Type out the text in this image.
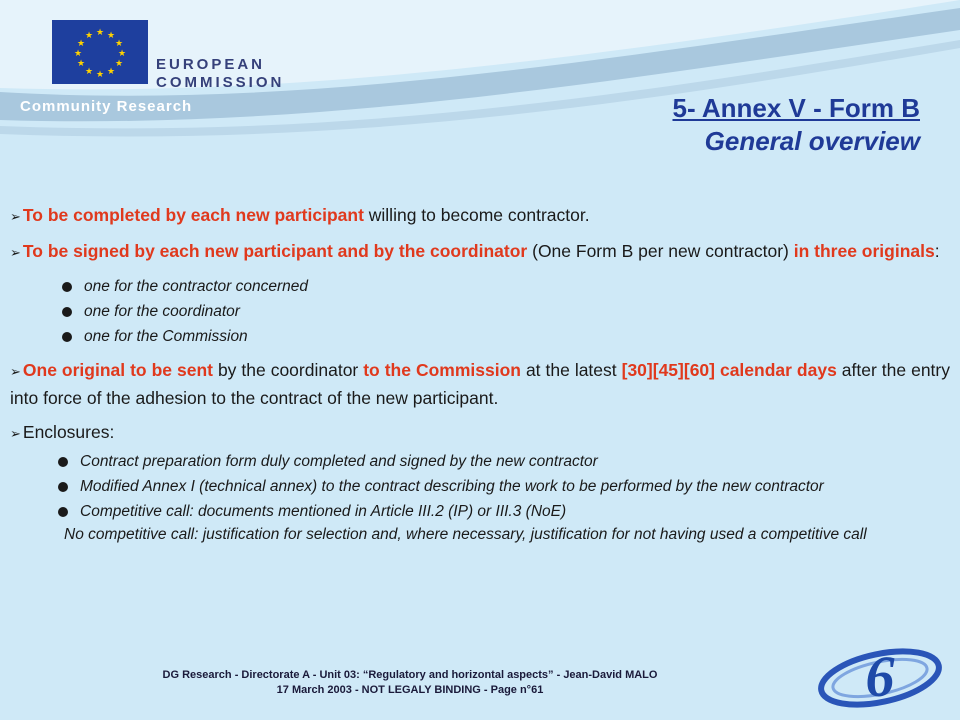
★ ★
★
★
★
★
★
★
★
★
★
★
EUROPEAN
COMMISSION
Community Research	5- Annex V - Form B
General overview

➢ To be completed by each new participant willing to become contractor.

➢ To be signed by each new participant and by the coordinator (One Form B per new contractor) in three originals:

one for the contractor concerned
one for the coordinator
one for the Commission

➢ One original to be sent by the coordinator to the Commission at the latest [30][45][60] calendar days after the entry into force of the adhesion to the contract of the new participant.

➢ Enclosures:

Contract preparation form duly completed and signed by the new contractor
Modified Annex I (technical annex) to the contract describing the work to be performed by the new contractor
Competitive call: documents mentioned in Article III.2 (IP) or III.3 (NoE)
No competitive call: justification for selection and, where necessary, justification for not having used a competitive call
DG Research - Directorate A - Unit 03: “Regulatory and horizontal aspects” - Jean-David MALO
17 March 2003 - NOT LEGALY BINDING - Page n°61	6
